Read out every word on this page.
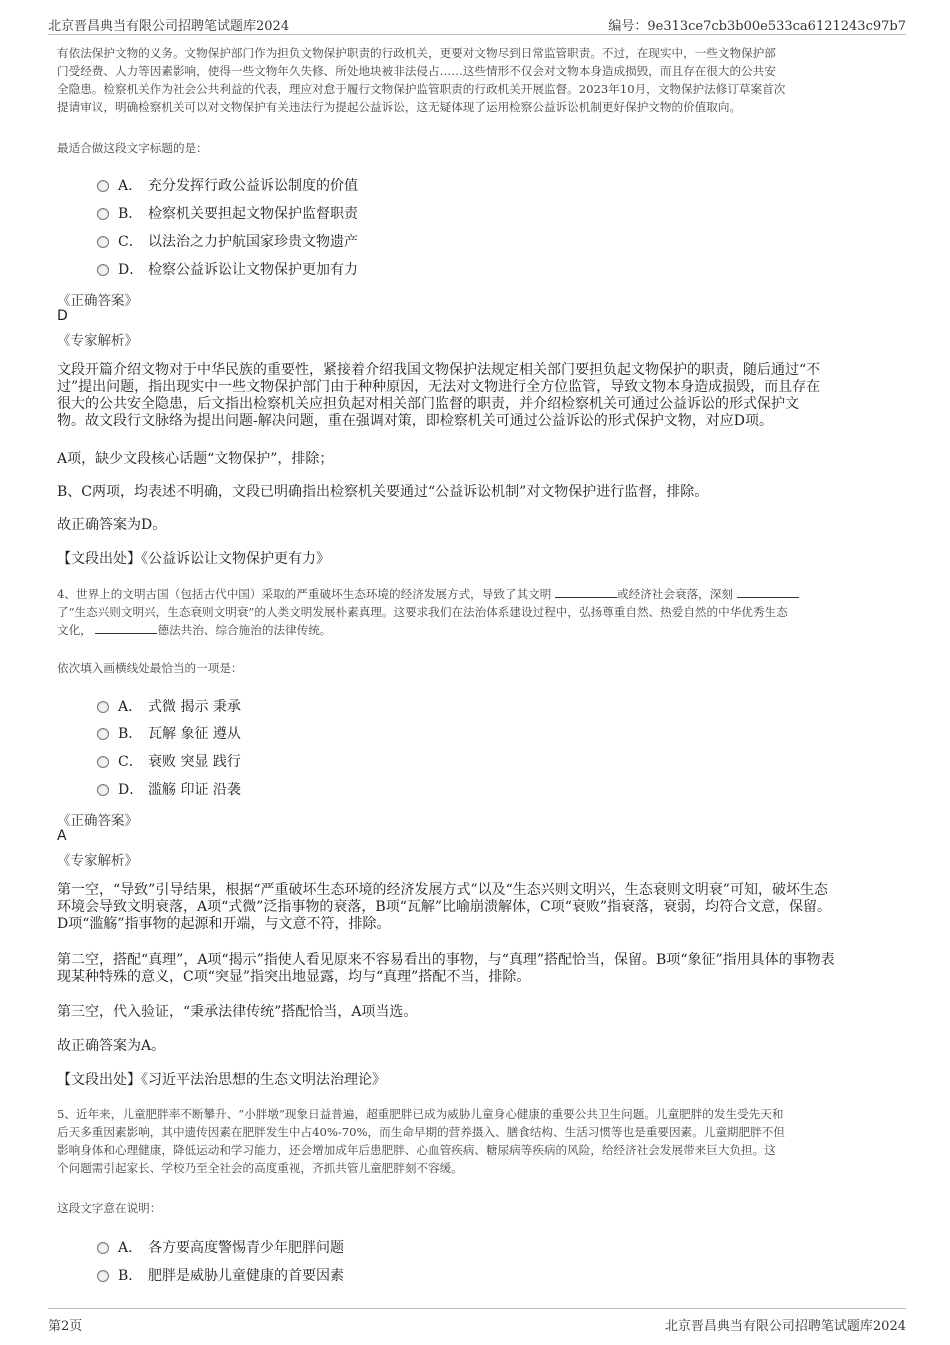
北京晋昌典当有限公司招聘笔试题库2024	编号：9e313ce7cb3b00e533ca6121243c97b7
有依法保护文物的义务。文物保护部门作为担负文物保护职责的行政机关，更要对文物尽到日常监管职责。不过，在现实中，一些文物保护部
门受经费、人力等因素影响，使得一些文物年久失修、所处地块被非法侵占……这些情形不仅会对文物本身造成损毁，而且存在很大的公共安
全隐患。检察机关作为社会公共利益的代表，理应对怠于履行文物保护监管职责的行政机关开展监督。2023年10月，文物保护法修订草案首次
提请审议，明确检察机关可以对文物保护有关违法行为提起公益诉讼，这无疑体现了运用检察公益诉讼机制更好保护文物的价值取向。
最适合做这段文字标题的是：
A． 充分发挥行政公益诉讼制度的价值
B． 检察机关要担起文物保护监督职责
C． 以法治之力护航国家珍贵文物遗产
D． 检察公益诉讼让文物保护更加有力
《正确答案》
D
《专家解析》
文段开篇介绍文物对于中华民族的重要性，紧接着介绍我国文物保护法规定相关部门要担负起文物保护的职责，随后通过“不
过”提出问题，指出现实中一些文物保护部门由于种种原因，无法对文物进行全方位监管，导致文物本身造成损毁，而且存在
很大的公共安全隐患，后文指出检察机关应担负起对相关部门监督的职责，并介绍检察机关可通过公益诉讼的形式保护文
物。故文段行文脉络为提出问题-解决问题，重在强调对策，即检察机关可通过公益诉讼的形式保护文物，对应D项。
A项，缺少文段核心话题“文物保护”，排除；
B、C两项，均表述不明确，文段已明确指出检察机关要通过“公益诉讼机制”对文物保护进行监督，排除。
故正确答案为D。
【文段出处】《公益诉讼让文物保护更有力》
4、世界上的文明古国（包括古代中国）采取的严重破坏生态环境的经济发展方式，导致了其文明	或经济社会衰落，深刻
了“生态兴则文明兴，生态衰则文明衰”的人类文明发展朴素真理。这要求我们在法治体系建设过程中，弘扬尊重自然、热爱自然的中华优秀生态
文化，	德法共治、综合施治的法律传统。
依次填入画横线处最恰当的一项是：
A． 式微 揭示 秉承
B． 瓦解 象征 遵从
C． 衰败 突显 践行
D． 滥觞 印证 沿袭
《正确答案》
A
《专家解析》
第一空，“导致”引导结果，根据“严重破坏生态环境的经济发展方式”以及“生态兴则文明兴，生态衰则文明衰”可知，破坏生态
环境会导致文明衰落，A项“式微”泛指事物的衰落，B项“瓦解”比喻崩溃解体，C项“衰败”指衰落，衰弱，均符合文意，保留。
D项“滥觞”指事物的起源和开端，与文意不符，排除。
第二空，搭配“真理”，A项“揭示”指使人看见原来不容易看出的事物，与“真理”搭配恰当，保留。B项“象征”指用具体的事物表
现某种特殊的意义，C项“突显”指突出地显露，均与“真理”搭配不当，排除。
第三空，代入验证，“秉承法律传统”搭配恰当，A项当选。
故正确答案为A。
【文段出处】《习近平法治思想的生态文明法治理论》
5、近年来，儿童肥胖率不断攀升、“小胖墩”现象日益普遍，超重肥胖已成为威胁儿童身心健康的重要公共卫生问题。儿童肥胖的发生受先天和
后天多重因素影响，其中遗传因素在肥胖发生中占40%-70%，而生命早期的营养摄入、膳食结构、生活习惯等也是重要因素。儿童期肥胖不但
影响身体和心理健康，降低运动和学习能力，还会增加成年后患肥胖、心血管疾病、糖尿病等疾病的风险，给经济社会发展带来巨大负担。这
个问题需引起家长、学校乃至全社会的高度重视，齐抓共管儿童肥胖刻不容缓。
这段文字意在说明：
A． 各方要高度警惕青少年肥胖问题
B． 肥胖是威胁儿童健康的首要因素
第2页	北京晋昌典当有限公司招聘笔试题库2024
